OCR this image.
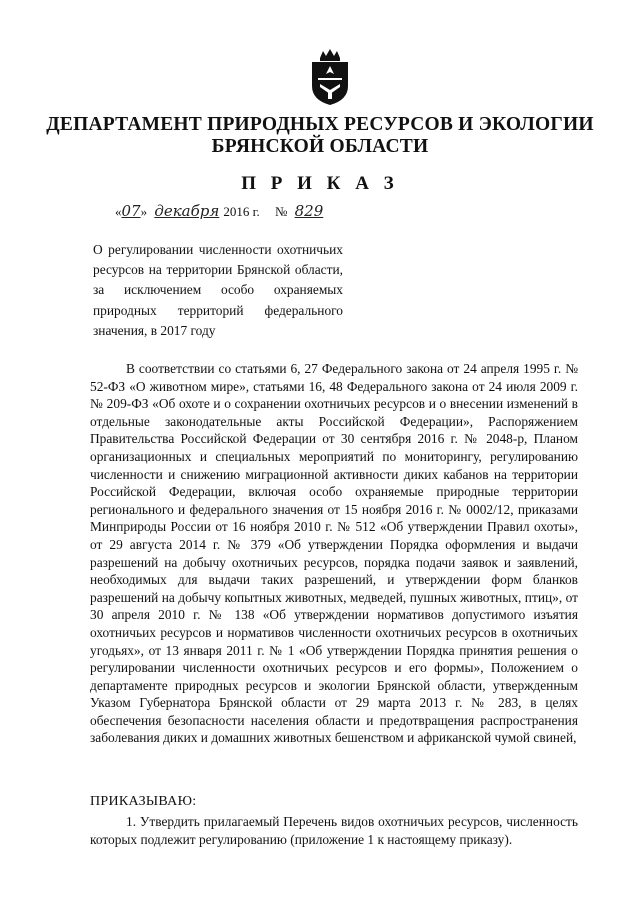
ДЕПАРТАМЕНТ ПРИРОДНЫХ РЕСУРСОВ И ЭКОЛОГИИ
БРЯНСКОЙ ОБЛАСТИ
П Р И К А З
«07» декабря 2016 г. № 829
О регулировании численности охотничьих ресурсов на территории Брянской области, за исключением особо охраняемых природных территорий федерального значения, в 2017 году

В соответствии со статьями 6, 27 Федерального закона от 24 апреля 1995 г. № 52-ФЗ «О животном мире», статьями 16, 48 Федерального закона от 24 июля 2009 г. № 209-ФЗ «Об охоте и о сохранении охотничьих ресурсов и о внесении изменений в отдельные законодательные акты Российской Федерации», Распоряжением Правительства Российской Федерации от 30 сентября 2016 г. № 2048-р, Планом организационных и специальных мероприятий по мониторингу, регулированию численности и снижению миграционной активности диких кабанов на территории Российской Федерации, включая особо охраняемые природные территории регионального и федерального значения от 15 ноября 2016 г. № 0002/12, приказами Минприроды России от 16 ноября 2010 г. № 512 «Об утверждении Правил охоты», от 29 августа 2014 г. № 379 «Об утверждении Порядка оформления и выдачи разрешений на добычу охотничьих ресурсов, порядка подачи заявок и заявлений, необходимых для выдачи таких разрешений, и утверждении форм бланков разрешений на добычу копытных животных, медведей, пушных животных, птиц», от 30 апреля 2010 г. № 138 «Об утверждении нормативов допустимого изъятия охотничьих ресурсов и нормативов численности охотничьих ресурсов в охотничьих угодьях», от 13 января 2011 г. № 1 «Об утверждении Порядка принятия решения о регулировании численности охотничьих ресурсов и его формы», Положением о департаменте природных ресурсов и экологии Брянской области, утвержденным Указом Губернатора Брянской области от 29 марта 2013 г. № 283, в целях обеспечения безопасности населения области и предотвращения распространения заболевания диких и домашних животных бешенством и африканской чумой свиней,

ПРИКАЗЫВАЮ:

1. Утвердить прилагаемый Перечень видов охотничьих ресурсов, численность которых подлежит регулированию (приложение 1 к настоящему приказу).
